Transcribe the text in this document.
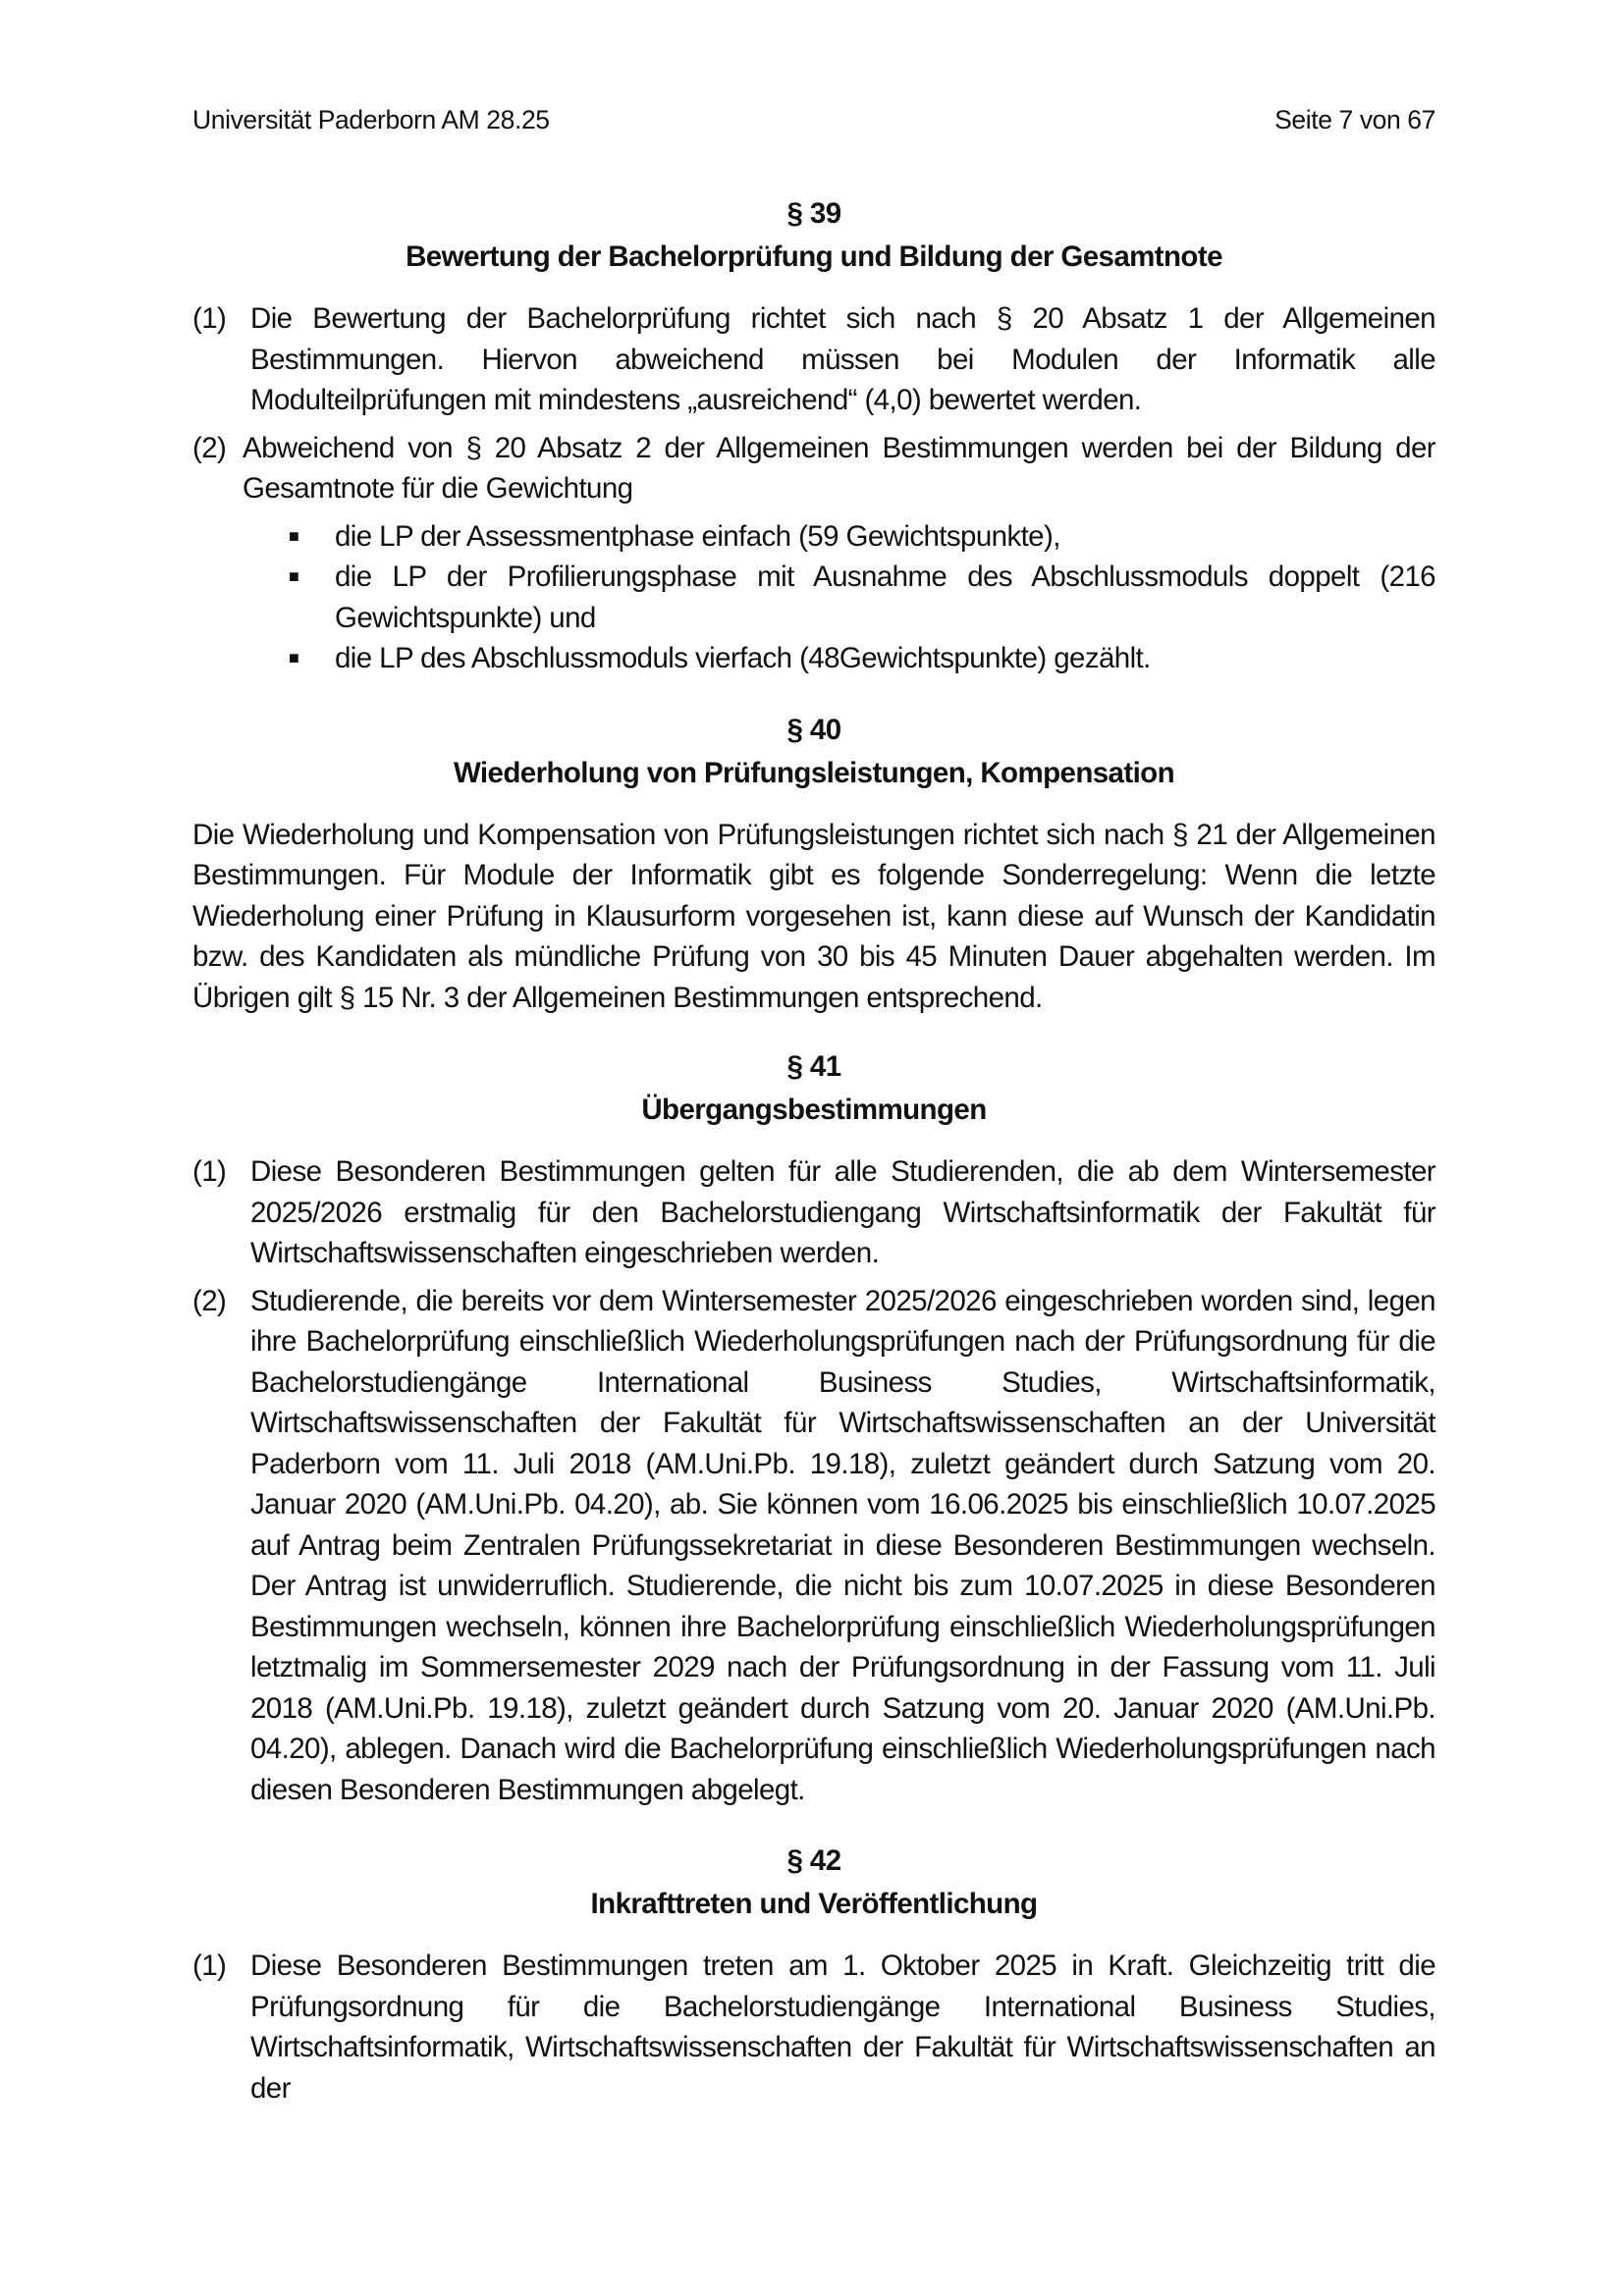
Universität Paderborn AM 28.25	Seite 7 von 67
§ 39
Bewertung der Bachelorprüfung und Bildung der Gesamtnote
(1) Die Bewertung der Bachelorprüfung richtet sich nach § 20 Absatz 1 der Allgemeinen Bestimmungen. Hiervon abweichend müssen bei Modulen der Informatik alle Modulteilprüfungen mit mindestens „ausreichend“ (4,0) bewertet werden.
(2) Abweichend von § 20 Absatz 2 der Allgemeinen Bestimmungen werden bei der Bildung der Gesamtnote für die Gewichtung
■	die LP der Assessmentphase einfach (59 Gewichtspunkte),
■	die LP der Profilierungsphase mit Ausnahme des Abschlussmoduls doppelt (216 Gewichtspunkte) und
■	die LP des Abschlussmoduls vierfach (48Gewichtspunkte) gezählt.
§ 40
Wiederholung von Prüfungsleistungen, Kompensation
Die Wiederholung und Kompensation von Prüfungsleistungen richtet sich nach § 21 der Allgemeinen Bestimmungen. Für Module der Informatik gibt es folgende Sonderregelung: Wenn die letzte Wiederholung einer Prüfung in Klausurform vorgesehen ist, kann diese auf Wunsch der Kandidatin bzw. des Kandidaten als mündliche Prüfung von 30 bis 45 Minuten Dauer abgehalten werden. Im Übrigen gilt § 15 Nr. 3 der Allgemeinen Bestimmungen entsprechend.
§ 41
Übergangsbestimmungen
(1) Diese Besonderen Bestimmungen gelten für alle Studierenden, die ab dem Wintersemester 2025/2026 erstmalig für den Bachelorstudiengang Wirtschaftsinformatik der Fakultät für Wirtschaftswissenschaften eingeschrieben werden.
(2) Studierende, die bereits vor dem Wintersemester 2025/2026 eingeschrieben worden sind, legen ihre Bachelorprüfung einschließlich Wiederholungsprüfungen nach der Prüfungsordnung für die Bachelorstudiengänge International Business Studies, Wirtschaftsinformatik, Wirtschaftswissenschaften der Fakultät für Wirtschaftswissenschaften an der Universität Paderborn vom 11. Juli 2018 (AM.Uni.Pb. 19.18), zuletzt geändert durch Satzung vom 20. Januar 2020 (AM.Uni.Pb. 04.20), ab. Sie können vom 16.06.2025 bis einschließlich 10.07.2025 auf Antrag beim Zentralen Prüfungssekretariat in diese Besonderen Bestimmungen wechseln. Der Antrag ist unwiderruflich. Studierende, die nicht bis zum 10.07.2025 in diese Besonderen Bestimmungen wechseln, können ihre Bachelorprüfung einschließlich Wiederholungsprüfungen letztmalig im Sommersemester 2029 nach der Prüfungsordnung in der Fassung vom 11. Juli 2018 (AM.Uni.Pb. 19.18), zuletzt geändert durch Satzung vom 20. Januar 2020 (AM.Uni.Pb. 04.20), ablegen. Danach wird die Bachelorprüfung einschließlich Wiederholungsprüfungen nach diesen Besonderen Bestimmungen abgelegt.
§ 42
Inkrafttreten und Veröffentlichung
(1) Diese Besonderen Bestimmungen treten am 1. Oktober 2025 in Kraft. Gleichzeitig tritt die Prüfungsordnung für die Bachelorstudiengänge International Business Studies, Wirtschaftsinformatik, Wirtschaftswissenschaften der Fakultät für Wirtschaftswissenschaften an der
